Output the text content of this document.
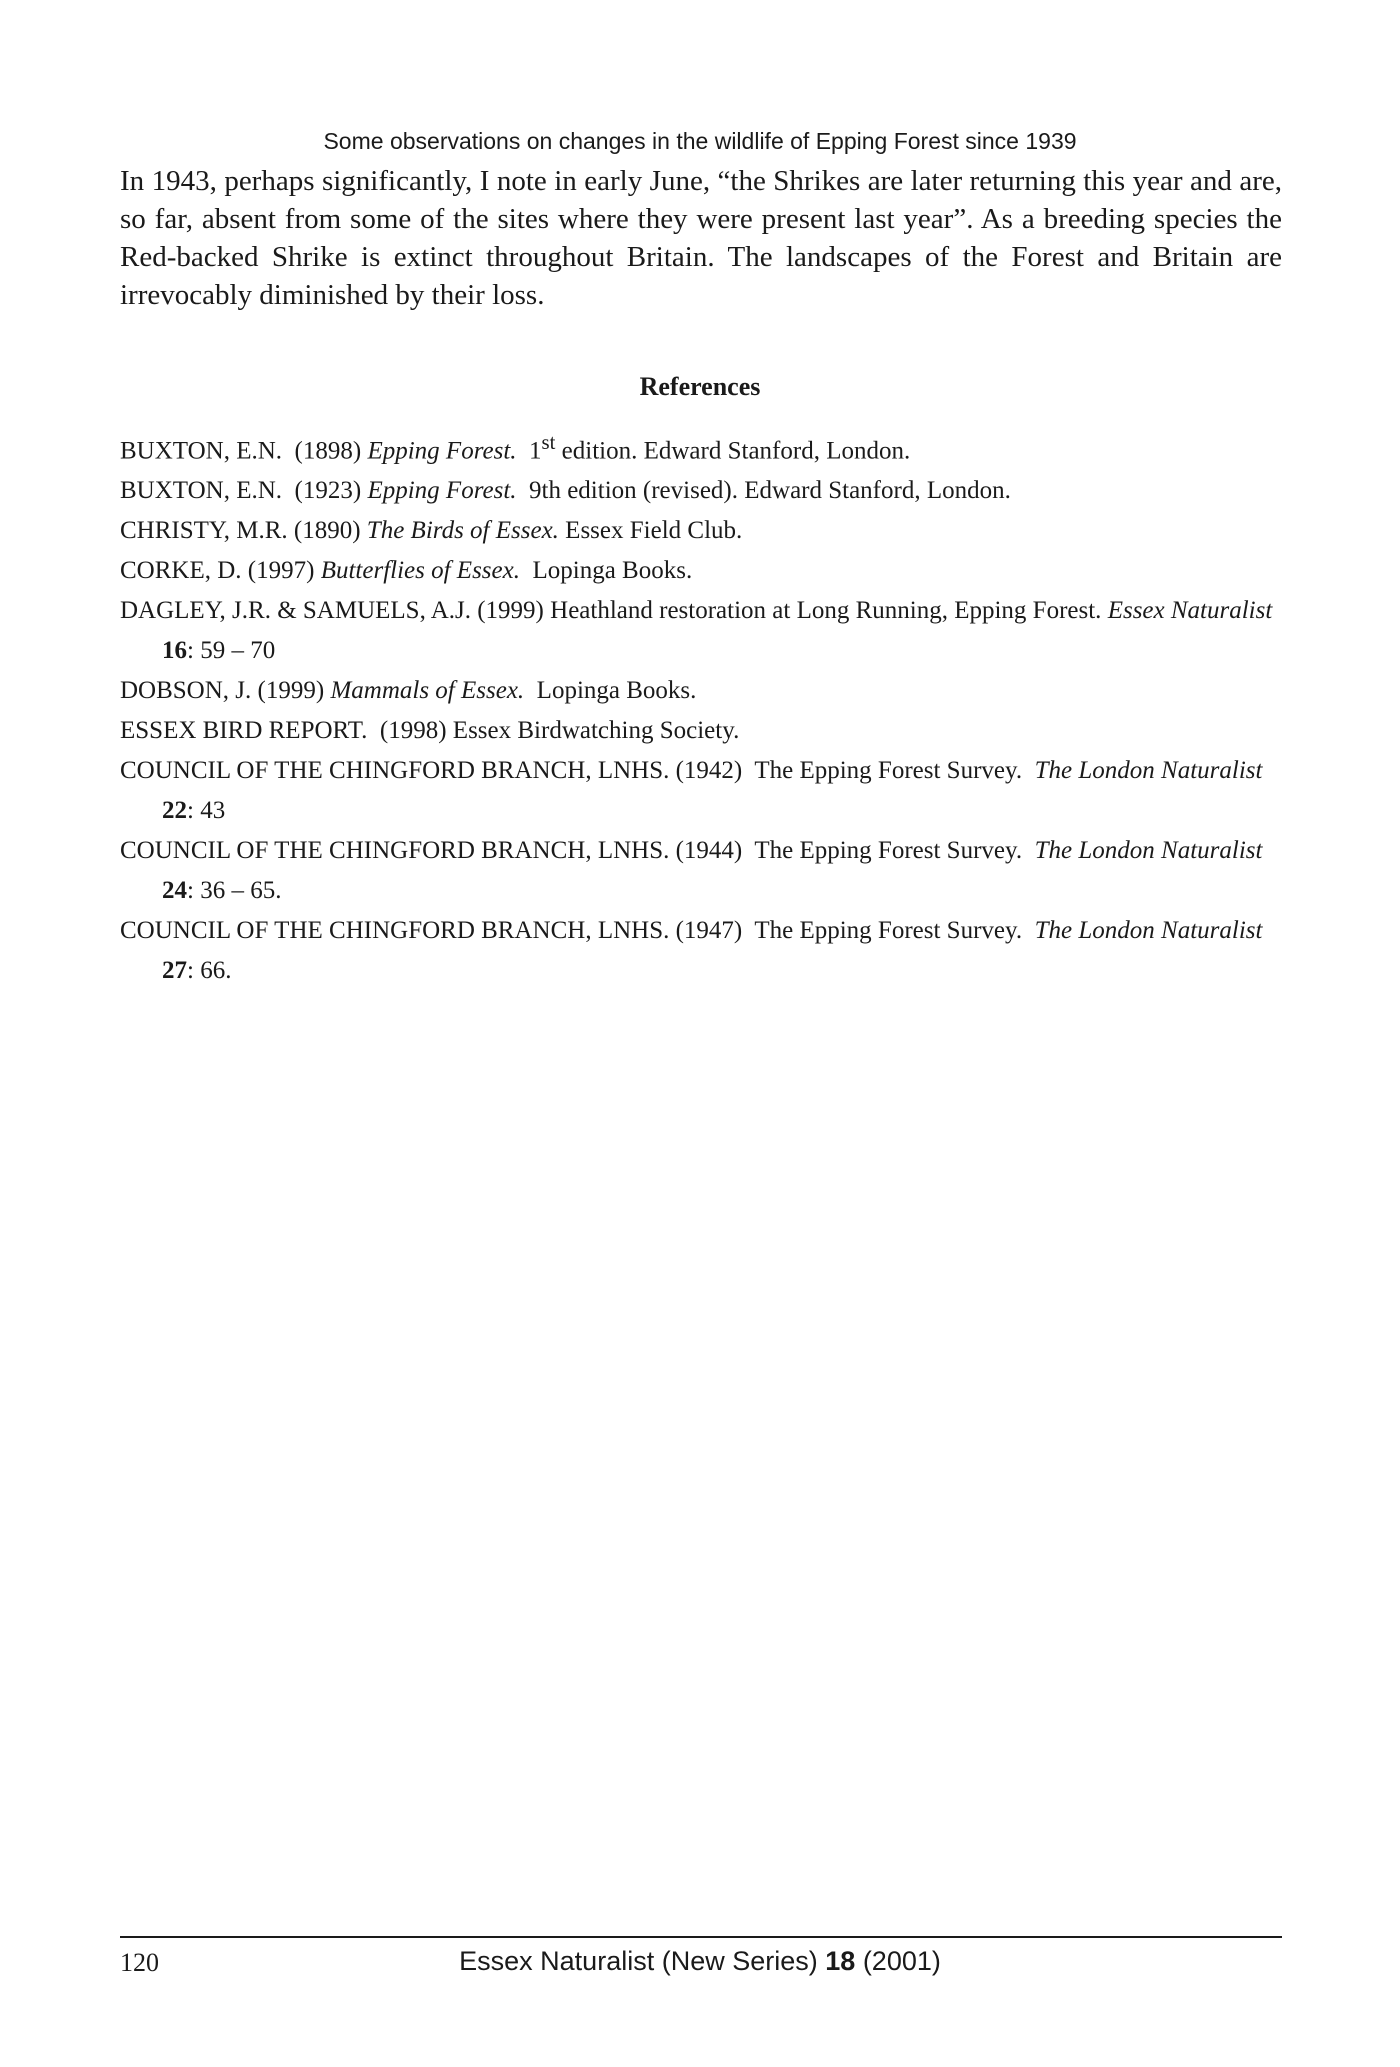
Some observations on changes in the wildlife of Epping Forest since 1939

In 1943, perhaps significantly, I note in early June, “the Shrikes are later returning this year and are, so far, absent from some of the sites where they were present last year”. As a breeding species the Red-backed Shrike is extinct throughout Britain. The landscapes of the Forest and Britain are irrevocably diminished by their loss.

References
BUXTON, E.N. (1898) Epping Forest. 1st edition. Edward Stanford, London.
BUXTON, E.N. (1923) Epping Forest. 9th edition (revised). Edward Stanford, London.
CHRISTY, M.R. (1890) The Birds of Essex. Essex Field Club.
CORKE, D. (1997) Butterflies of Essex. Lopinga Books.
DAGLEY, J.R. & SAMUELS, A.J. (1999) Heathland restoration at Long Running, Epping Forest. Essex Naturalist 16: 59 – 70
DOBSON, J. (1999) Mammals of Essex. Lopinga Books.
ESSEX BIRD REPORT. (1998) Essex Birdwatching Society.
COUNCIL OF THE CHINGFORD BRANCH, LNHS. (1942) The Epping Forest Survey. The London Naturalist 22: 43
COUNCIL OF THE CHINGFORD BRANCH, LNHS. (1944) The Epping Forest Survey. The London Naturalist 24: 36 – 65.
COUNCIL OF THE CHINGFORD BRANCH, LNHS. (1947) The Epping Forest Survey. The London Naturalist 27: 66.
120	Essex Naturalist (New Series) 18 (2001)
